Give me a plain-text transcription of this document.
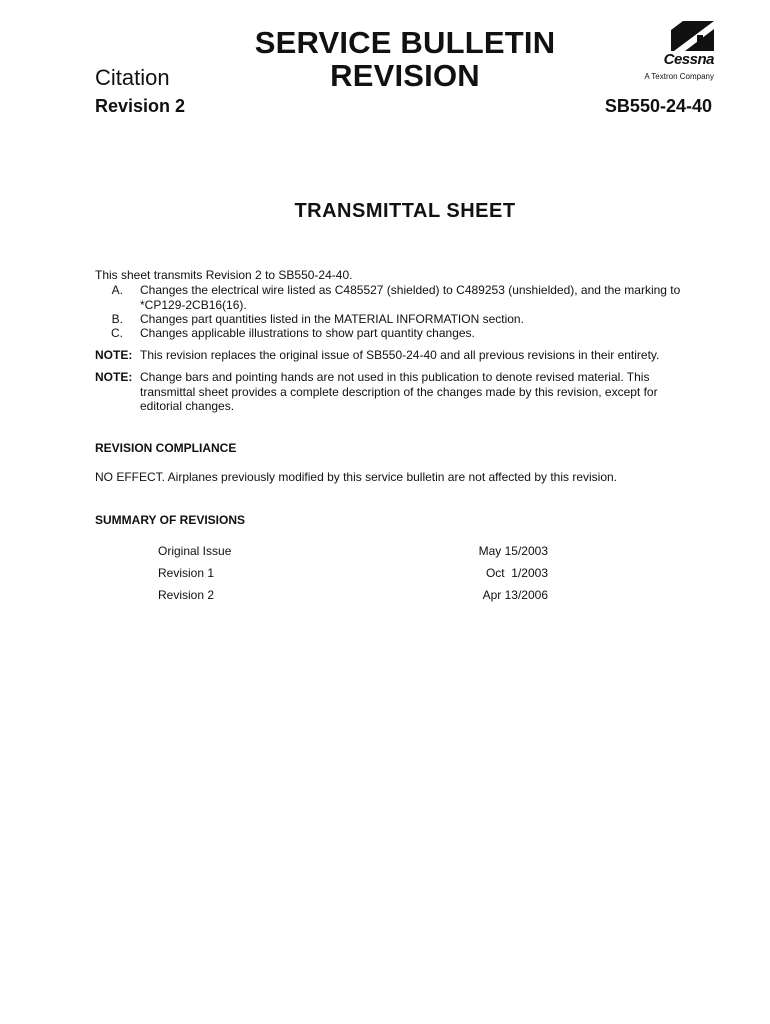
SERVICE BULLETIN
REVISION
Citation
Revision 2	SB550-24-40
Cessna
A Textron Company
TRANSMITTAL SHEET
This sheet transmits Revision 2 to SB550-24-40.
A. Changes the electrical wire listed as C485527 (shielded) to C489253 (unshielded), and the marking to *CP129-2CB16(16).
B. Changes part quantities listed in the MATERIAL INFORMATION section.
C. Changes applicable illustrations to show part quantity changes.
NOTE: This revision replaces the original issue of SB550-24-40 and all previous revisions in their entirety.
NOTE: Change bars and pointing hands are not used in this publication to denote revised material. This transmittal sheet provides a complete description of the changes made by this revision, except for editorial changes.
REVISION COMPLIANCE
NO EFFECT. Airplanes previously modified by this service bulletin are not affected by this revision.
SUMMARY OF REVISIONS
Original Issue	May 15/2003
Revision 1	Oct  1/2003
Revision 2	Apr 13/2006
